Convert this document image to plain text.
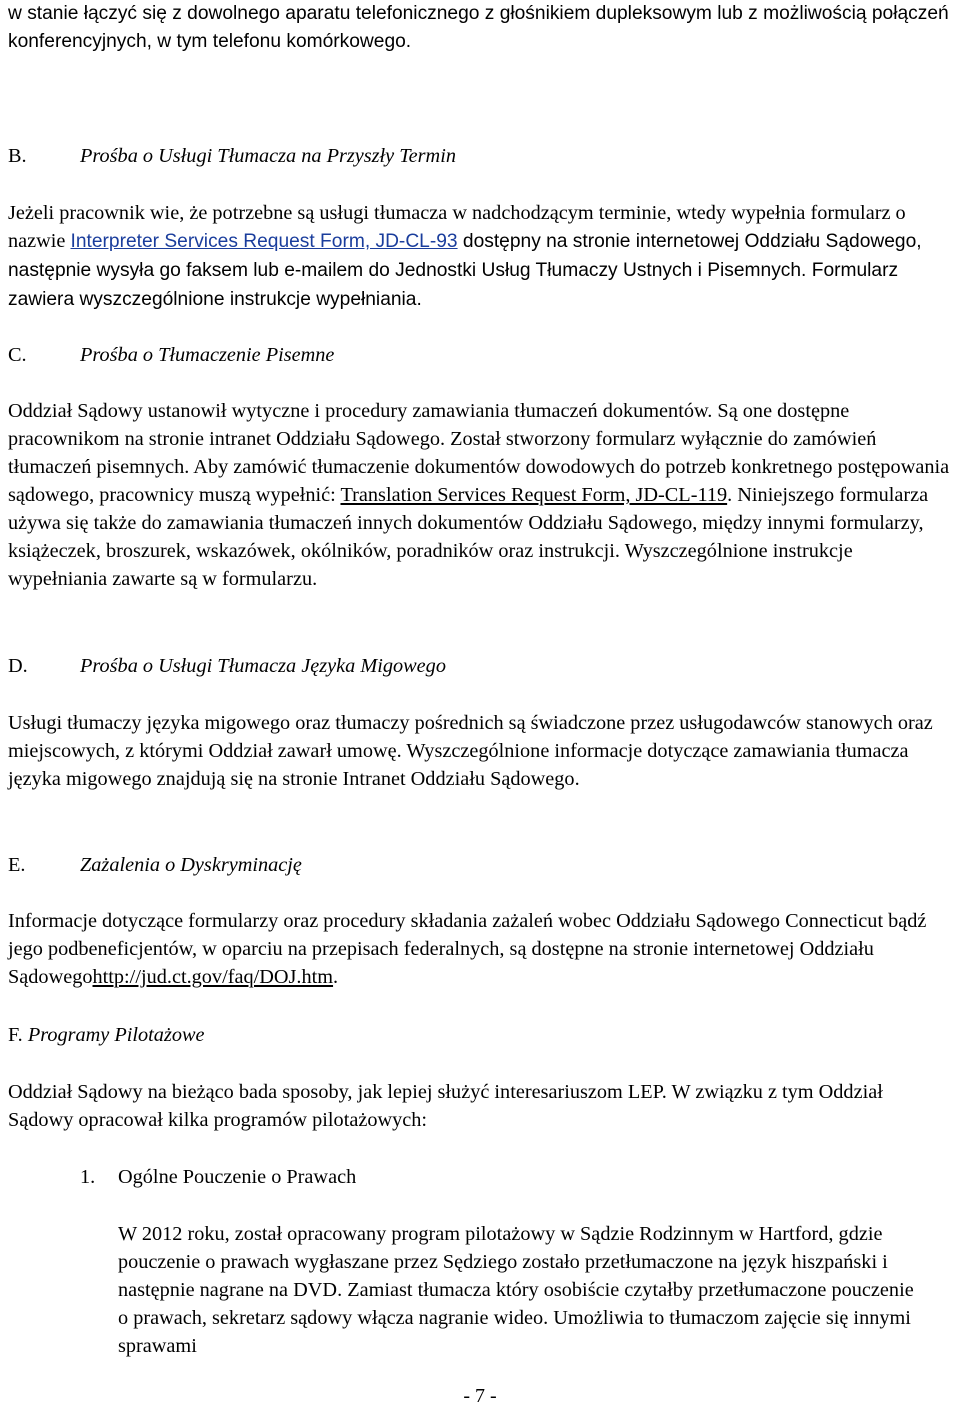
w stanie łączyć się z dowolnego aparatu telefonicznego z głośnikiem dupleksowym lub z możliwością połączeń konferencyjnych, w tym telefonu komórkowego.

B.	Prośba o Usługi Tłumacza na Przyszły Termin

Jeżeli pracownik wie, że potrzebne są usługi tłumacza w nadchodzącym terminie, wtedy wypełnia formularz o nazwie Interpreter Services Request Form, JD-CL-93 dostępny na stronie internetowej Oddziału Sądowego, następnie wysyła go faksem lub e-mailem do Jednostki Usług Tłumaczy Ustnych i Pisemnych. Formularz zawiera wyszczególnione instrukcje wypełniania.

C.	Prośba o Tłumaczenie Pisemne

Oddział Sądowy ustanowił wytyczne i procedury zamawiania tłumaczeń dokumentów. Są one dostępne pracownikom na stronie intranet Oddziału Sądowego. Został stworzony formularz wyłącznie do zamówień tłumaczeń pisemnych. Aby zamówić tłumaczenie dokumentów dowodowych do potrzeb konkretnego postępowania sądowego, pracownicy muszą wypełnić: Translation Services Request Form, JD-CL-119. Niniejszego formularza używa się także do zamawiania tłumaczeń innych dokumentów Oddziału Sądowego, między innymi formularzy, książeczek, broszurek, wskazówek, okólników, poradników oraz instrukcji. Wyszczególnione instrukcje wypełniania zawarte są w formularzu.

D.	Prośba o Usługi Tłumacza Języka Migowego

Usługi tłumaczy języka migowego oraz tłumaczy pośrednich są świadczone przez usługodawców stanowych oraz miejscowych, z którymi Oddział zawarł umowę. Wyszczególnione informacje dotyczące zamawiania tłumacza języka migowego znajdują się na stronie Intranet Oddziału Sądowego.

E.	Zażalenia o Dyskryminację

Informacje dotyczące formularzy oraz procedury składania zażaleń wobec Oddziału Sądowego Connecticut bądź jego podbeneficjentów, w oparciu na przepisach federalnych, są dostępne na stronie internetowej Oddziału Sądowegohttp://jud.ct.gov/faq/DOJ.htm.

F. Programy Pilotażowe

Oddział Sądowy na bieżąco bada sposoby, jak lepiej służyć interesariuszom LEP. W związku z tym Oddział Sądowy opracował kilka programów pilotażowych:

1. Ogólne Pouczenie o Prawach

W 2012 roku, został opracowany program pilotażowy w Sądzie Rodzinnym w Hartford, gdzie pouczenie o prawach wygłaszane przez Sędziego zostało przetłumaczone na język hiszpański i następnie nagrane na DVD. Zamiast tłumacza który osobiście czytałby przetłumaczone pouczenie o prawach, sekretarz sądowy włącza nagranie wideo. Umożliwia to tłumaczom zajęcie się innymi sprawami

- 7 -
